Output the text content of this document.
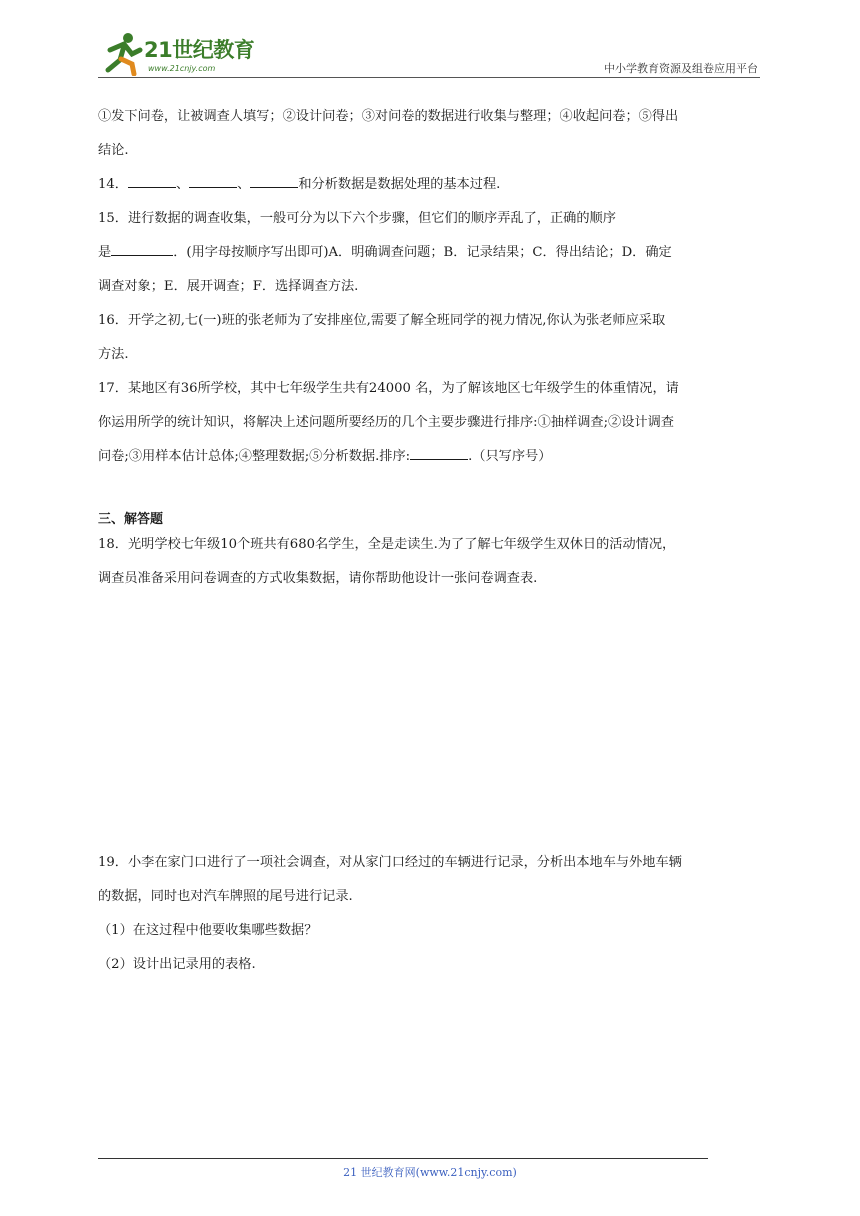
21世纪教育
www.21cnjy.com	中小学教育资源及组卷应用平台

①发下问卷，让被调查人填写；②设计问卷；③对问卷的数据进行收集与整理；④收起问卷；⑤得出
结论.

14．	、	、	和分析数据是数据处理的基本过程.

15．进行数据的调查收集，一般可分为以下六个步骤，但它们的顺序弄乱了，正确的顺序
是	．(用字母按顺序写出即可)A．明确调查问题；B．记录结果；C．得出结论；D．确定
调查对象；E．展开调查；F．选择调查方法.

16．开学之初,七(一)班的张老师为了安排座位,需要了解全班同学的视力情况,你认为张老师应采取
方法.

17．某地区有36所学校，其中七年级学生共有24000 名，为了解该地区七年级学生的体重情况，请
你运用所学的统计知识，将解决上述问题所要经历的几个主要步骤进行排序:①抽样调查;②设计调查
问卷;③用样本估计总体;④整理数据;⑤分析数据.排序:	.（只写序号）

三、解答题

18．光明学校七年级10个班共有680名学生，全是走读生.为了了解七年级学生双休日的活动情况，
调查员准备采用问卷调查的方式收集数据，请你帮助他设计一张问卷调查表.

19．小李在家门口进行了一项社会调查，对从家门口经过的车辆进行记录，分析出本地车与外地车辆
的数据，同时也对汽车牌照的尾号进行记录.
（1）在这过程中他要收集哪些数据？
（2）设计出记录用的表格.

21 世纪教育网(www.21cnjy.com)
